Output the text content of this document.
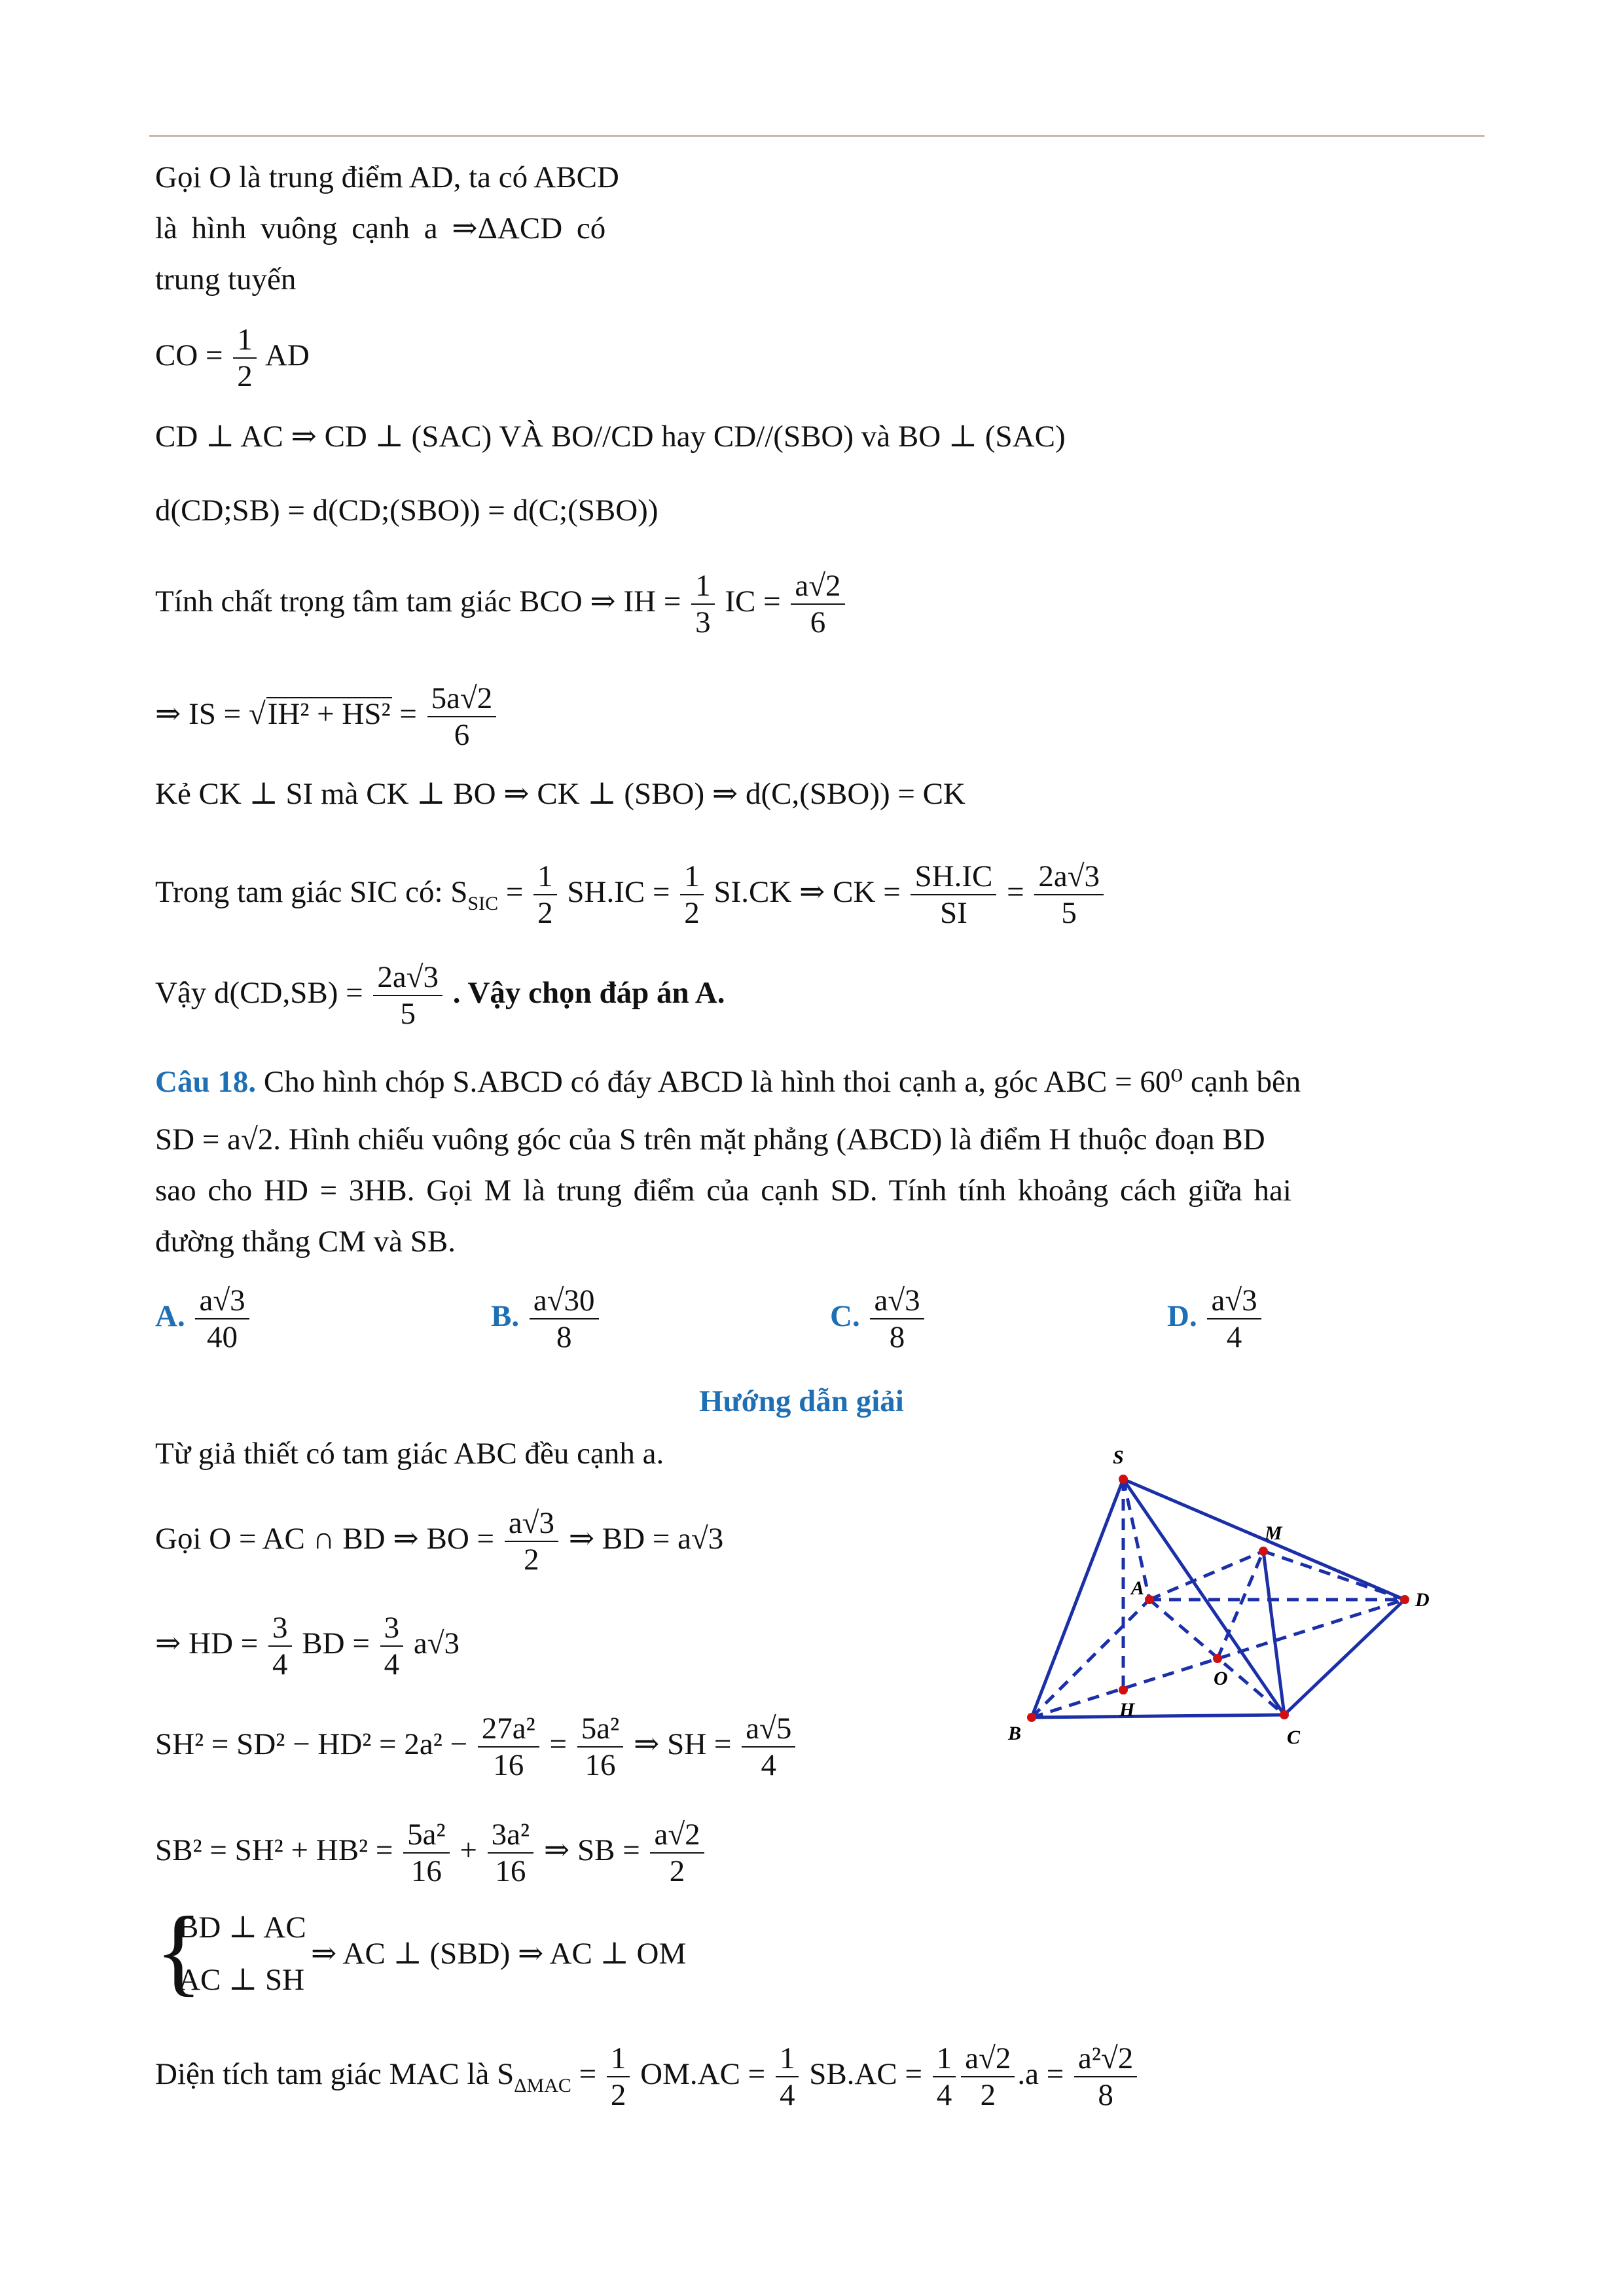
Gọi O là trung điểm AD, ta có ABCD
là hình vuông cạnh a ⇒ΔACD có
trung tuyến
CO = $\frac{1}{2}$ AD
CD ⊥ AC ⇒ CD ⊥ (SAC) VÀ BO//CD hay CD//(SBO) và BO ⊥ (SAC)
d(CD;SB) = d(CD;(SBO)) = d(C;(SBO))
Tính chất trọng tâm tam giác BCO ⇒ IH = $\frac{1}{3}$ IC = $\frac{a√2}{6}$
⇒ IS = $√IH^2 + HS^2 = \frac{5a√2}{6}$
Kẻ CK ⊥ SI mà CK ⊥ BO ⇒ CK ⊥ (SBO) ⇒ d(C,(SBO)) = CK
Trong tam giác SIC có: $S_{SIC} = \frac{1}{2} SH.IC = \frac{1}{2} SI.CK$ ⇒ CK = $\frac{SH.IC}{SI} = \frac{2a√3}{5}$
Vậy $d(CD,SB) = \frac{2a√3}{5}$ . Vậy chọn đáp án A.
Câu 18. Cho hình chóp S.ABCD có đáy ABCD là hình thoi cạnh a, góc ABC = 60⁰ cạnh bên
SD = a√2. Hình chiếu vuông góc của S trên mặt phẳng (ABCD) là điểm H thuộc đoạn BD
sao cho HD = 3HB. Gọi M là trung điểm của cạnh SD. Tính tính khoảng cách giữa hai
đường thẳng CM và SB.
A. $\frac{a√3}{40}$	B. $\frac{a√30}{8}$	C. $\frac{a√3}{8}$	D. $\frac{a√3}{4}$
Hướng dẫn giải
Từ giả thiết có tam giác ABC đều cạnh a.
Gọi O = AC ∩ BD ⇒ BO = $\frac{a√3}{2}$ ⇒ BD = a√3
⇒ HD = $\frac{3}{4}$ BD = $\frac{3}{4} a√3$
$SH^2 = SD^2 - HD^2 = 2a^2 - \frac{\text{27a²}}{16} = \frac{\text{5a²}}{16}$ ⇒ SH = $\frac{a√5}{4}$
$SB^2 = SH^2 + HB^2 = \frac{\text{5a²}}{16} + \frac{\text{3a²}}{16}$ ⇒ SB = $\frac{a√2}{2}$
{
BD ⊥ AC
AC ⊥ SH
⇒ AC ⊥ (SBD) ⇒ AC ⊥ OM
Diện tích tam giác MAC là $S_{\Delta MAC} = \frac{1}{2} OM.AC = \frac{1}{4} SB.AC = \frac{1}{4} \frac{a√2}{2} .a = \frac{\text{a²√2}}{8}$
S
M
A
D
O
H
B	C
